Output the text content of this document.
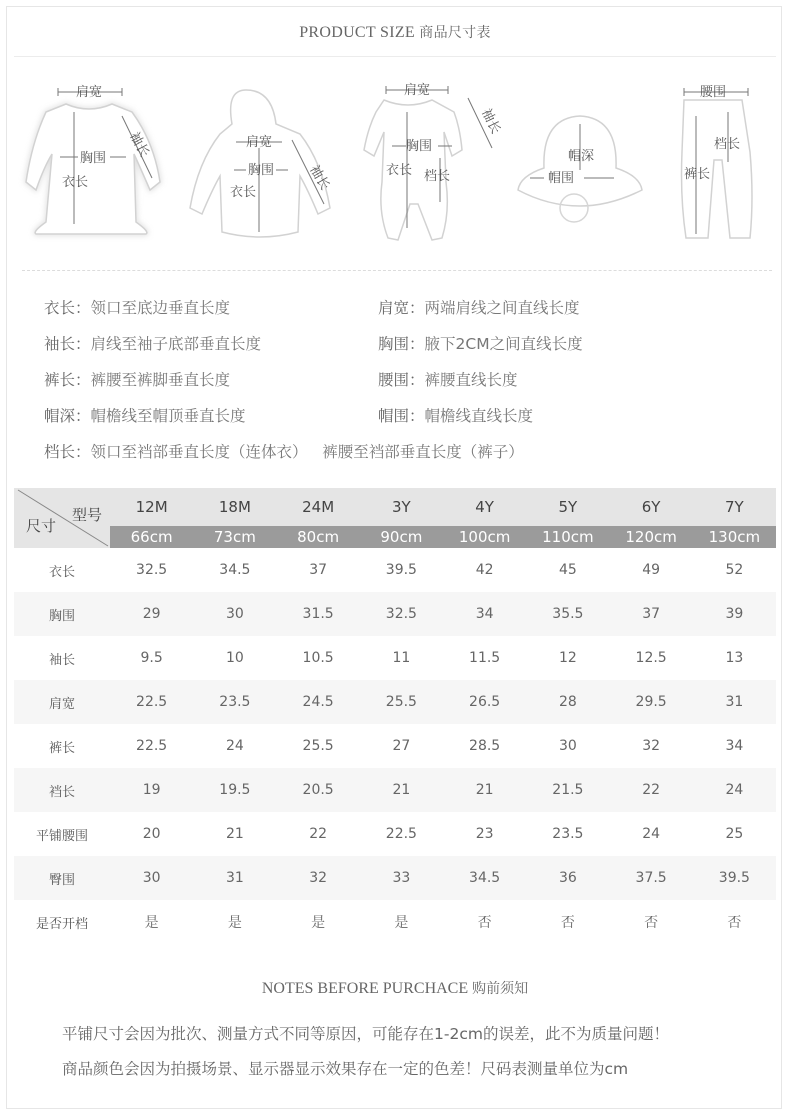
PRODUCT SIZE 商品尺寸表
肩宽
胸围
衣长
袖长	肩宽
胸围
衣长	袖长
肩宽
胸围
衣长 档长
袖长
帽深
帽围
腰围
档长
裤长
衣长：领口至底边垂直长度	肩宽：两端肩线之间直线长度
袖长：肩线至袖子底部垂直长度	胸围：腋下2CM之间直线长度
裤长：裤腰至裤脚垂直长度	腰围：裤腰直线长度
帽深：帽檐线至帽顶垂直长度	帽围：帽檐线直线长度
档长：领口至裆部垂直长度（连体衣）   裤腰至裆部垂直长度（裤子）
型号
尺寸	12M	18M	24M	3Y	4Y	5Y	6Y	7Y
	66cm	73cm	80cm	90cm	100cm	110cm	120cm	130cm
衣长	32.5	34.5	37	39.5	42	45	49	52
胸围	29	30	31.5	32.5	34	35.5	37	39
袖长	9.5	10	10.5	11	11.5	12	12.5	13
肩宽	22.5	23.5	24.5	25.5	26.5	28	29.5	31
裤长	22.5	24	25.5	27	28.5	30	32	34
裆长	19	19.5	20.5	21	21	21.5	22	24
平铺腰围	20	21	22	22.5	23	23.5	24	25
臀围	30	31	32	33	34.5	36	37.5	39.5
是否开档	是	是	是	是	否	否	否	否
NOTES BEFORE PURCHACE 购前须知
平铺尺寸会因为批次、测量方式不同等原因，可能存在1-2cm的误差，此不为质量问题！
商品颜色会因为拍摄场景、显示器显示效果存在一定的色差！尺码表测量单位为cm
